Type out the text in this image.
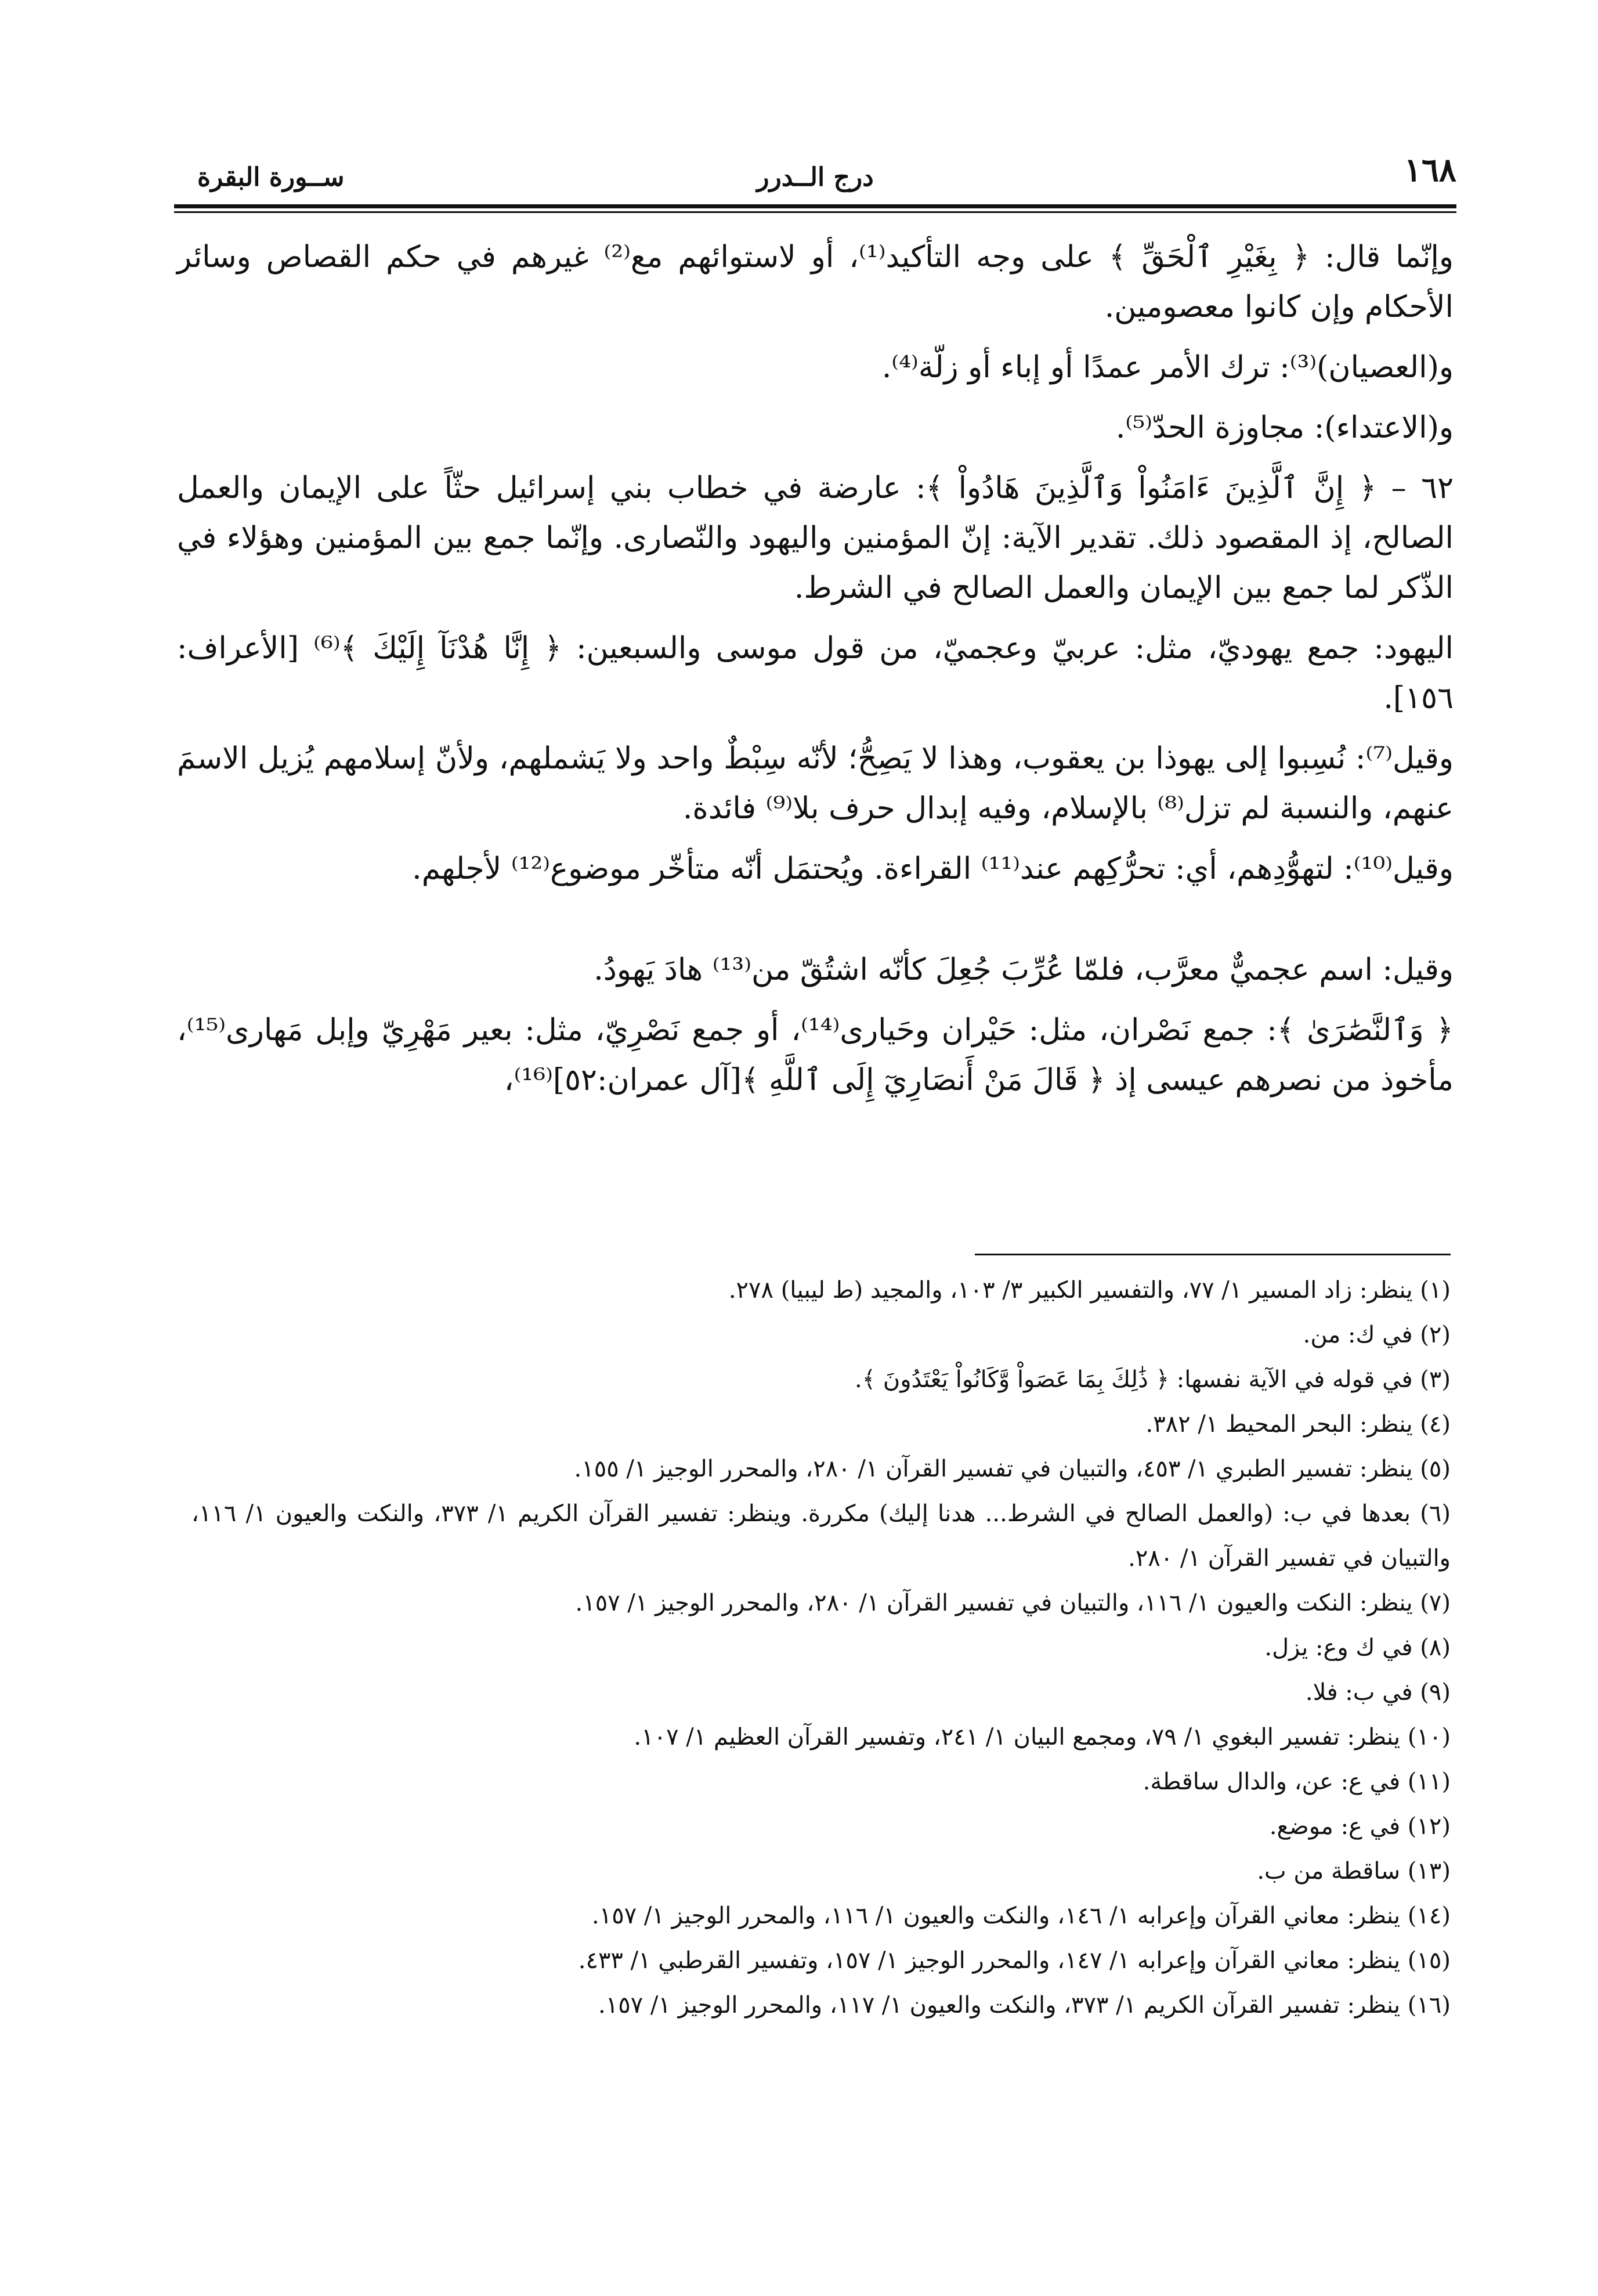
١٦٨
درج الــدرر
ســورة البقرة

وإنّما قال: ﴿ بِغَيْرِ ٱلْحَقِّ ﴾ على وجه التأكيد⁽¹⁾، أو لاستوائهم مع⁽²⁾ غيرهم في حكم القصاص وسائر الأحكام وإن كانوا معصومين.

و(العصيان)⁽³⁾: ترك الأمر عمدًا أو إباء أو زلّة⁽⁴⁾.

و(الاعتداء): مجاوزة الحدّ⁽⁵⁾.

٦٢ – ﴿ إِنَّ ٱلَّذِينَ ءَامَنُواْ وَٱلَّذِينَ هَادُواْ ﴾: عارضة في خطاب بني إسرائيل حثّاً على الإيمان والعمل الصالح، إذ المقصود ذلك. تقدير الآية: إنّ المؤمنين واليهود والنّصارى. وإنّما جمع بين المؤمنين وهؤلاء في الذّكر لما جمع بين الإيمان والعمل الصالح في الشرط.

اليهود: جمع يهوديّ، مثل: عربيّ وعجميّ، من قول موسى والسبعين: ﴿ إِنَّا هُدْنَآ إِلَيْكَ ﴾⁽⁶⁾ [الأعراف: ١٥٦].

وقيل⁽⁷⁾: نُسِبوا إلى يهوذا بن يعقوب، وهذا لا يَصِحُّ؛ لأنّه سِبْطٌ واحد ولا يَشملهم، ولأنّ إسلامهم يُزيل الاسمَ عنهم، والنسبة لم تزل⁽⁸⁾ بالإسلام، وفيه إبدال حرف بلا⁽⁹⁾ فائدة.

وقيل⁽¹⁰⁾: لتهوُّدِهم، أي: تحرُّكِهم عند⁽¹¹⁾ القراءة. ويُحتمَل أنّه متأخّر موضوع⁽¹²⁾ لأجلهم.

وقيل: اسم عجميٌّ معرَّب، فلمّا عُرِّبَ جُعِلَ كأنّه اشتُقّ من⁽¹³⁾ هادَ يَهودُ.

﴿ وَٱلنَّصَٰرَىٰ ﴾: جمع نَصْران، مثل: حَيْران وحَيارى⁽¹⁴⁾، أو جمع نَصْرِيّ، مثل: بعير مَهْرِيّ وإبل مَهارى⁽¹⁵⁾، مأخوذ من نصرهم عيسى إذ ﴿ قَالَ مَنْ أَنصَارِيٓ إِلَى ٱللَّهِ ﴾[آل عمران:٥٢]⁽¹⁶⁾،

(١) ينظر: زاد المسير ١/ ٧٧، والتفسير الكبير ٣/ ١٠٣، والمجيد (ط ليبيا) ٢٧٨.

(٢) في ك: من.

(٣) في قوله في الآية نفسها: ﴿ ذَٰلِكَ بِمَا عَصَواْ وَّكَانُواْ يَعْتَدُونَ ﴾.

(٤) ينظر: البحر المحيط ١/ ٣٨٢.

(٥) ينظر: تفسير الطبري ١/ ٤٥٣، والتبيان في تفسير القرآن ١/ ٢٨٠، والمحرر الوجيز ١/ ١٥٥.

(٦) بعدها في ب: (والعمل الصالح في الشرط... هدنا إليك) مكررة. وينظر: تفسير القرآن الكريم ١/ ٣٧٣، والنكت والعيون ١/ ١١٦، والتبيان في تفسير القرآن ١/ ٢٨٠.

(٧) ينظر: النكت والعيون ١/ ١١٦، والتبيان في تفسير القرآن ١/ ٢٨٠، والمحرر الوجيز ١/ ١٥٧.

(٨) في ك وع: يزل.

(٩) في ب: فلا.

(١٠) ينظر: تفسير البغوي ١/ ٧٩، ومجمع البيان ١/ ٢٤١، وتفسير القرآن العظيم ١/ ١٠٧.

(١١) في ع: عن، والدال ساقطة.

(١٢) في ع: موضع.

(١٣) ساقطة من ب.

(١٤) ينظر: معاني القرآن وإعرابه ١/ ١٤٦، والنكت والعيون ١/ ١١٦، والمحرر الوجيز ١/ ١٥٧.

(١٥) ينظر: معاني القرآن وإعرابه ١/ ١٤٧، والمحرر الوجيز ١/ ١٥٧، وتفسير القرطبي ١/ ٤٣٣.

(١٦) ينظر: تفسير القرآن الكريم ١/ ٣٧٣، والنكت والعيون ١/ ١١٧، والمحرر الوجيز ١/ ١٥٧.
